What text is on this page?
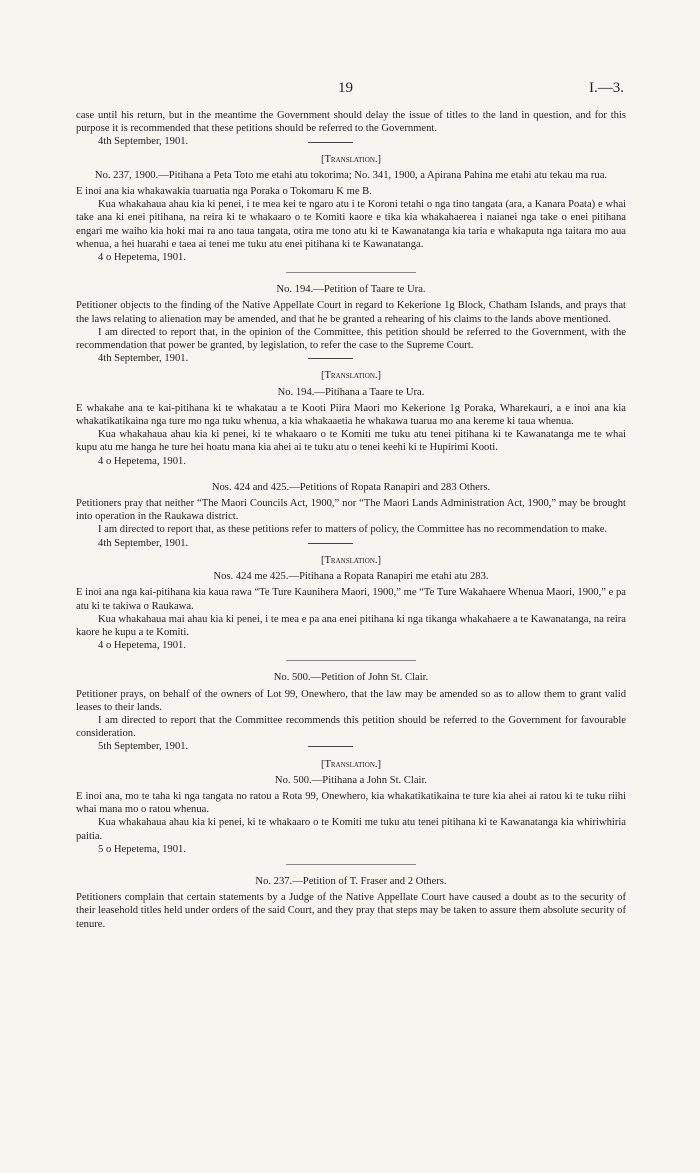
19	I.—3.

case until his return, but in the meantime the Government should delay the issue of titles to the land in question, and for this purpose it is recommended that these petitions should be referred to the Government.

4th September, 1901.
[Translation.]

No. 237, 1900.—Pitihana a Peta Toto me etahi atu tokorima; No. 341, 1900, a Apirana Pahina me etahi atu tekau ma rua.

E inoi ana kia whakawakia tuaruatia nga Poraka o Tokomaru K me B.

Kua whakahaua ahau kia ki penei, i te mea kei te ngaro atu i te Koroni tetahi o nga tino tangata (ara, a Kanara Poata) e whai take ana ki enei pitihana, na reira ki te whakaaro o te Komiti kaore e tika kia whakahaerea i naianei nga take o enei pitihana engari me waiho kia hoki mai ra ano taua tangata, otira me tono atu ki te Kawanatanga kia taria e whakaputa nga taitara mo aua whenua, a hei huarahi e taea ai tenei me tuku atu enei pitihana ki te Kawanatanga.

4 o Hepetema, 1901.

No. 194.—Petition of Taare te Ura.

Petitioner objects to the finding of the Native Appellate Court in regard to Kekerione 1g Block, Chatham Islands, and prays that the laws relating to alienation may be amended, and that he be granted a rehearing of his claims to the lands above mentioned.

I am directed to report that, in the opinion of the Committee, this petition should be referred to the Government, with the recommendation that power be granted, by legislation, to refer the case to the Supreme Court.

4th September, 1901.
[Translation.]

No. 194.—Pitihana a Taare te Ura.

E whakahe ana te kai-pitihana ki te whakatau a te Kooti Piira Maori mo Kekerione 1g Poraka, Wharekauri, a e inoi ana kia whakatikatikaina nga ture mo nga tuku whenua, a kia whakaaetia he whakawa tuarua mo ana kereme ki taua whenua.

Kua whakahaua ahau kia ki penei, ki te whakaaro o te Komiti me tuku atu tenei pitihana ki te Kawanatanga me te whai kupu atu me hanga he ture hei hoatu mana kia ahei ai te tuku atu o tenei keehi ki te Hupirimi Kooti.

4 o Hepetema, 1901.

Nos. 424 and 425.—Petitions of Ropata Ranapiri and 283 Others.

Petitioners pray that neither “The Maori Councils Act, 1900,” nor “The Maori Lands Administration Act, 1900,” may be brought into operation in the Raukawa district.

I am directed to report that, as these petitions refer to matters of policy, the Committee has no recommendation to make.

4th September, 1901.
[Translation.]

Nos. 424 me 425.—Pitihana a Ropata Ranapiri me etahi atu 283.

E inoi ana nga kai-pitihana kia kaua rawa “Te Ture Kaunihera Maori, 1900,” me “Te Ture Wakahaere Whenua Maori, 1900,” e pa atu ki te takiwa o Raukawa.

Kua whakahaua mai ahau kia ki penei, i te mea e pa ana enei pitihana ki nga tikanga whakahaere a te Kawanatanga, na reira kaore he kupu a te Komiti.

4 o Hepetema, 1901.

No. 500.—Petition of John St. Clair.

Petitioner prays, on behalf of the owners of Lot 99, Onewhero, that the law may be amended so as to allow them to grant valid leases to their lands.

I am directed to report that the Committee recommends this petition should be referred to the Government for favourable consideration.

5th September, 1901.
[Translation.]

No. 500.—Pitihana a John St. Clair.

E inoi ana, mo te taha ki nga tangata no ratou a Rota 99, Onewhero, kia whakatikatikaina te ture kia ahei ai ratou ki te tuku riihi whai mana mo o ratou whenua.

Kua whakahaua ahau kia ki penei, ki te whakaaro o te Komiti me tuku atu tenei pitihana ki te Kawanatanga kia whiriwhiria paitia.

5 o Hepetema, 1901.

No. 237.—Petition of T. Fraser and 2 Others.

Petitioners complain that certain statements by a Judge of the Native Appellate Court have caused a doubt as to the security of their leasehold titles held under orders of the said Court, and they pray that steps may be taken to assure them absolute security of tenure.
